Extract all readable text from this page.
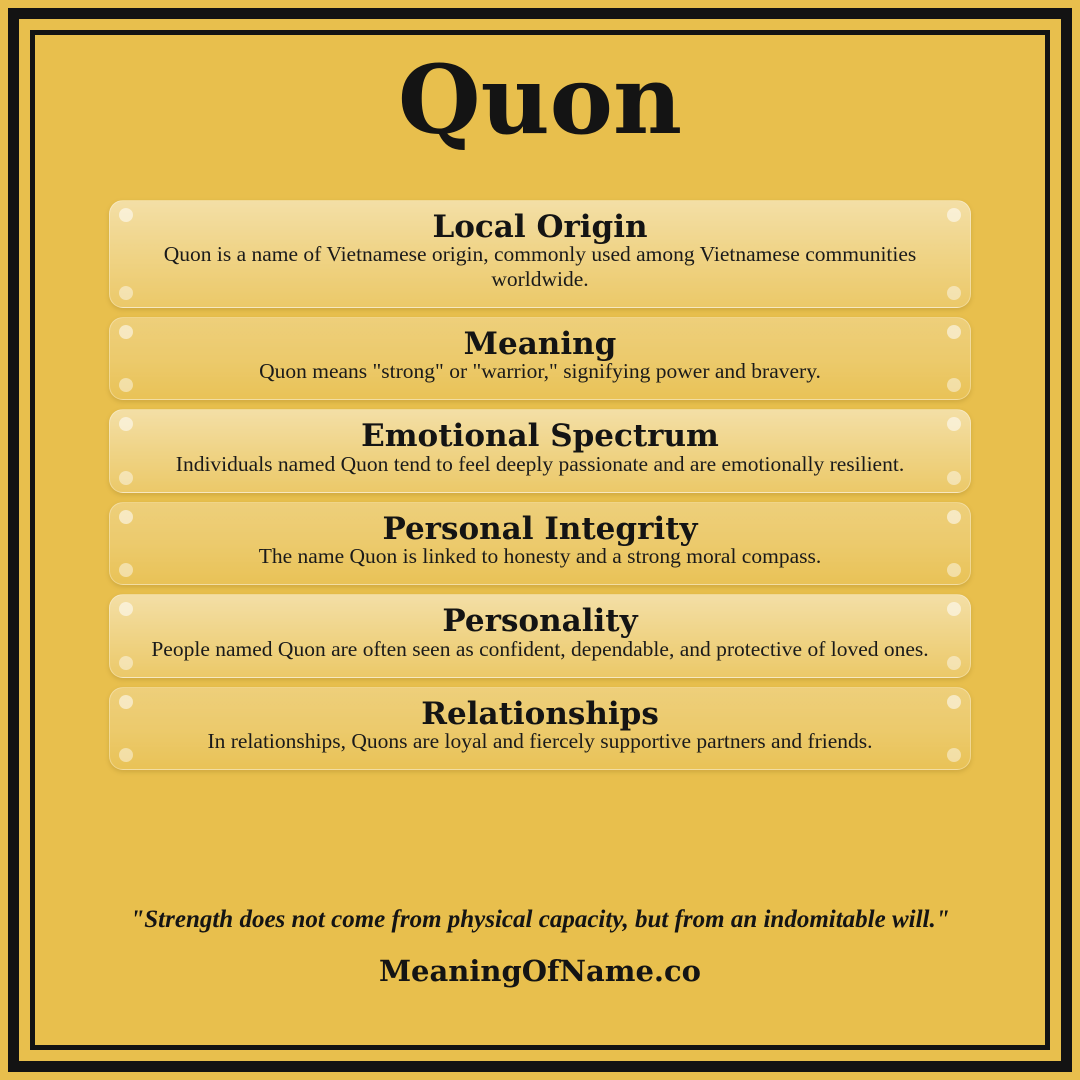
Quon
Local Origin
Quon is a name of Vietnamese origin, commonly used among Vietnamese communities worldwide.
Meaning
Quon means "strong" or "warrior," signifying power and bravery.
Emotional Spectrum
Individuals named Quon tend to feel deeply passionate and are emotionally resilient.
Personal Integrity
The name Quon is linked to honesty and a strong moral compass.
Personality
People named Quon are often seen as confident, dependable, and protective of loved ones.
Relationships
In relationships, Quons are loyal and fiercely supportive partners and friends.
"Strength does not come from physical capacity, but from an indomitable will."
MeaningOfName.co
